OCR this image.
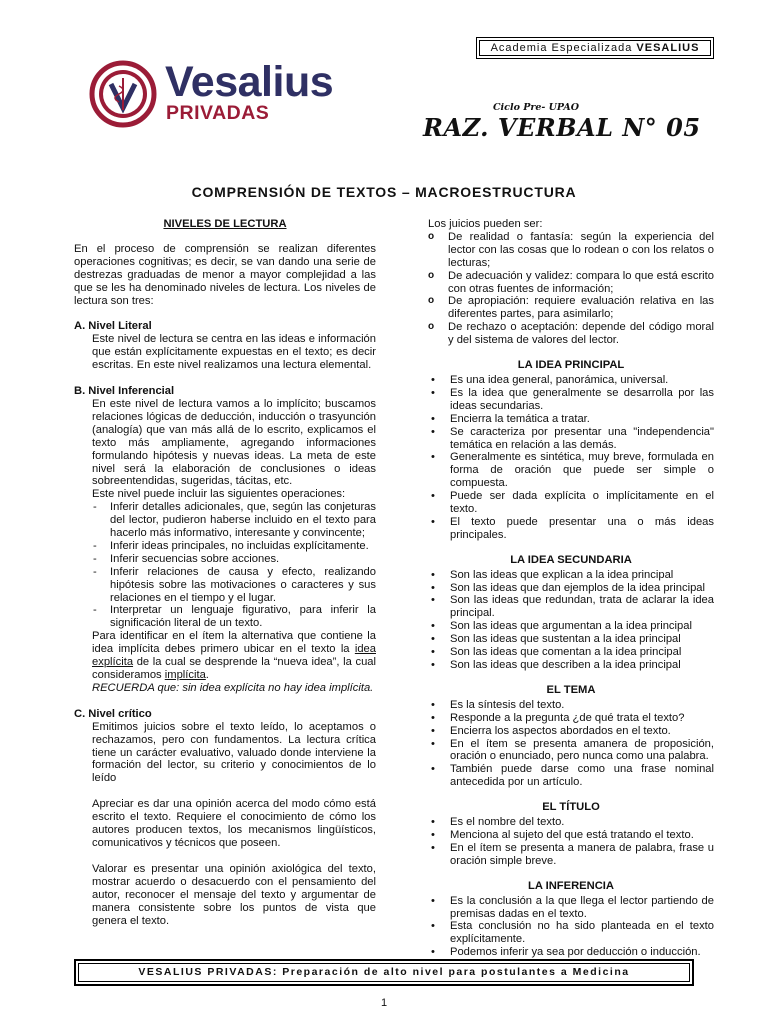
Academia Especializada VESALIUS
Vesalius
PRIVADAS	Ciclo Pre- UPAO
RAZ. VERBAL N° 05
COMPRENSIÓN DE TEXTOS – MACROESTRUCTURA
NIVELES DE LECTURA

En el proceso de comprensión se realizan diferentes operaciones cognitivas; es decir, se van dando una serie de destrezas graduadas de menor a mayor complejidad a las que se les ha denominado niveles de lectura. Los niveles de lectura son tres:

A. Nivel Literal

Este nivel de lectura se centra en las ideas e información que están explícitamente expuestas en el texto; es decir escritas. En este nivel realizamos una lectura elemental.

B. Nivel Inferencial

En este nivel de lectura vamos a lo implícito; buscamos relaciones lógicas de deducción, inducción o trasyunción (analogía) que van más allá de lo escrito, explicamos el texto más ampliamente, agregando informaciones formulando hipótesis y nuevas ideas. La meta de este nivel será la elaboración de conclusiones o ideas sobreentendidas, sugeridas, tácitas, etc.

Este nivel puede incluir las siguientes operaciones:

- Inferir detalles adicionales, que, según las conjeturas del lector, pudieron haberse incluido en el texto para hacerlo más informativo, interesante y convincente;
- Inferir ideas principales, no incluidas explícitamente.
- Inferir secuencias sobre acciones.
- Inferir relaciones de causa y efecto, realizando hipótesis sobre las motivaciones o caracteres y sus relaciones en el tiempo y el lugar.
- Interpretar un lenguaje figurativo, para inferir la significación literal de un texto.

Para identificar en el ítem la alternativa que contiene la idea implícita debes primero ubicar en el texto la idea explícita de la cual se desprende la “nueva idea”, la cual consideramos implícita.

RECUERDA que: sin idea explícita no hay idea implícita.

C. Nivel crítico

Emitimos juicios sobre el texto leído, lo aceptamos o rechazamos, pero con fundamentos. La lectura crítica tiene un carácter evaluativo, valuado donde interviene la formación del lector, su criterio y conocimientos de lo leído

Apreciar es dar una opinión acerca del modo cómo está escrito el texto. Requiere el conocimiento de cómo los autores producen textos, los mecanismos lingüísticos, comunicativos y técnicos que poseen.

Valorar es presentar una opinión axiológica del texto, mostrar acuerdo o desacuerdo con el pensamiento del autor, reconocer el mensaje del texto y argumentar de manera consistente sobre los puntos de vista que genera el texto.

Los juicios pueden ser:
o De realidad o fantasía: según la experiencia del lector con las cosas que lo rodean o con los relatos o lecturas;
o De adecuación y validez: compara lo que está escrito con otras fuentes de información;
o De apropiación: requiere evaluación relativa en las diferentes partes, para asimilarlo;
o De rechazo o aceptación: depende del código moral y del sistema de valores del lector.
LA IDEA PRINCIPAL
• Es una idea general, panorámica, universal.
• Es la idea que generalmente se desarrolla por las ideas secundarias.
• Encierra la temática a tratar.
• Se caracteriza por presentar una "independencia" temática en relación a las demás.
• Generalmente es sintética, muy breve, formulada en forma de oración que puede ser simple o compuesta.
• Puede ser dada explícita o implícitamente en el texto.
• El texto puede presentar una o más ideas principales.
LA IDEA SECUNDARIA
• Son las ideas que explican a la idea principal
• Son las ideas que dan ejemplos de la idea principal
• Son las ideas que redundan, trata de aclarar la idea principal.
• Son las ideas que argumentan a la idea principal
• Son las ideas que sustentan a la idea principal
• Son las ideas que comentan a la idea principal
• Son las ideas que describen a la idea principal
EL TEMA
• Es la síntesis del texto.
• Responde a la pregunta ¿de qué trata el texto?
• Encierra los aspectos abordados en el texto.
• En el ítem se presenta amanera de proposición, oración o enunciado, pero nunca como una palabra.
• También puede darse como una frase nominal antecedida por un artículo.
EL TÍTULO
• Es el nombre del texto.
• Menciona al sujeto del que está tratando el texto.
• En el ítem se presenta a manera de palabra, frase u oración simple breve.
LA INFERENCIA
• Es la conclusión a la que llega el lector partiendo de premisas dadas en el texto.
• Esta conclusión no ha sido planteada en el texto explícitamente.
• Podemos inferir ya sea por deducción o inducción.
VESALIUS PRIVADAS: Preparación de alto nivel para postulantes a Medicina
1
